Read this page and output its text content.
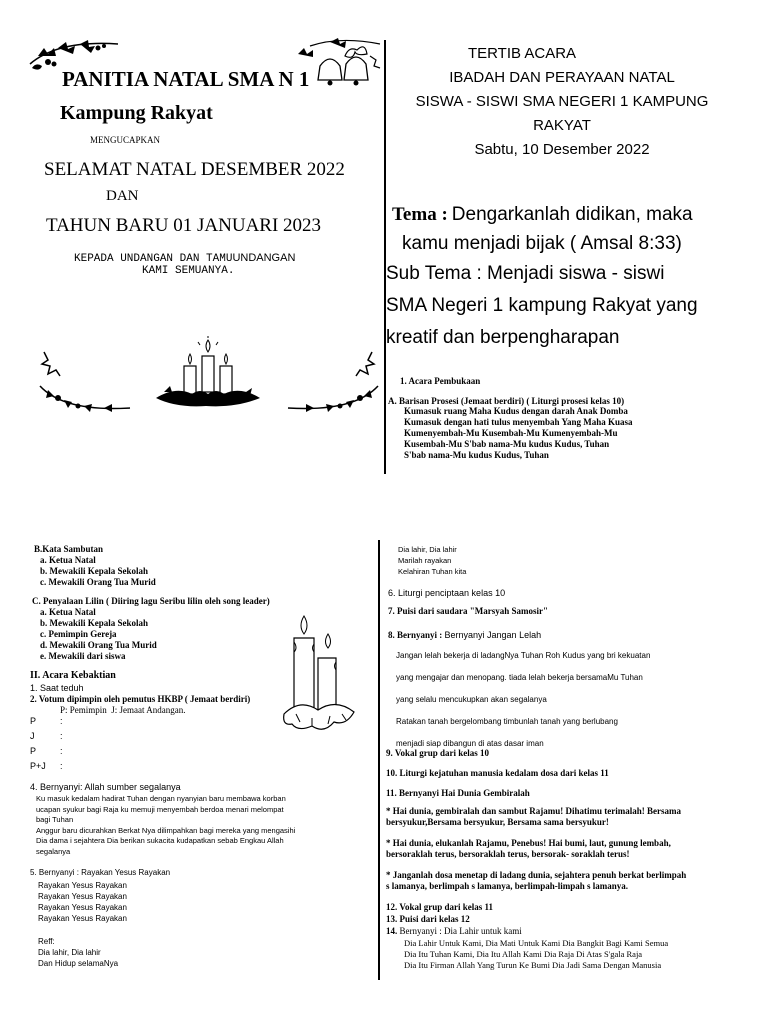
PANITIA NATAL SMA N 1
Kampung Rakyat
MENGUCAPKAN
SELAMAT NATAL DESEMBER 2022
DAN
TAHUN BARU 01 JANUARI 2023
KEPADA UNDANGAN DAN TAMUUNDANGAN
KAMI SEMUANYA.
TERTIB ACARA
IBADAH DAN PERAYAAN NATAL
SISWA - SISWI SMA NEGERI 1 KAMPUNG
RAKYAT
Sabtu, 10 Desember 2022
Tema : Dengarkanlah didikan, maka
kamu menjadi bijak ( Amsal 8:33)
Sub Tema : Menjadi siswa - siswi
SMA Negeri 1 kampung Rakyat yang
kreatif dan berpengharapan
1. Acara Pembukaan
A. Barisan Prosesi (Jemaat berdiri) ( Liturgi prosesi kelas 10)
Kumasuk ruang Maha Kudus dengan darah Anak Domba
Kumasuk dengan hati tulus menyembah Yang Maha Kuasa
Kumenyembah-Mu Kusembah-Mu Kumenyembah-Mu
Kusembah-Mu S'bab nama-Mu kudus Kudus, Tuhan
S'bab nama-Mu kudus Kudus, Tuhan
B.Kata Sambutan
a. Ketua Natal
b. Mewakili Kepala Sekolah
c. Mewakili Orang Tua Murid
C. Penyalaan Lilin ( Diiring lagu Seribu lilin oleh song leader)
a. Ketua Natal
b. Mewakili Kepala Sekolah
c. Pemimpin Gereja
d. Mewakili Orang Tua Murid
e. Mewakili dari siswa
II. Acara Kebaktian
1. Saat teduh
2. Votum dipimpin oleh pemutus HKBP ( Jemaat berdiri)
P: Pemimpin J: Jemaat Andangan.
P	:
J	:
P	:
P+J	:
4. Bernyanyi: Allah sumber segalanya
Ku masuk kedalam hadirat Tuhan dengan nyanyian baru membawa korban
ucapan syukur bagi Raja ku memuji menyembah berdoa menari melompat
bagi Tuhan
Anggur baru dicurahkan Berkat Nya dilimpahkan bagi mereka yang mengasihi
Dia dama i sejahtera Dia berikan sukacita kudapatkan sebab Engkau Allah
segalanya
5. Bernyanyi : Rayakan Yesus Rayakan
Rayakan Yesus Rayakan
Rayakan Yesus Rayakan
Rayakan Yesus Rayakan
Rayakan Yesus Rayakan
Reff:
Dia lahir, Dia lahir
Dan Hidup selamaNya
Dia lahir, Dia lahir
Marilah rayakan
Kelahiran Tuhan kita
6. Liturgi penciptaan kelas 10
7. Puisi dari saudara "Marsyah Samosir"
8. Bernyanyi : Bernyanyi Jangan Lelah
Jangan lelah bekerja di ladangNya Tuhan Roh Kudus yang bri kekuatan
yang mengajar dan menopang. tiada lelah bekerja bersamaMu Tuhan
yang selalu mencukupkan akan segalanya
Ratakan tanah bergelombang timbunlah tanah yang berlubang
menjadi siap dibangun di atas dasar iman
9. Vokal grup dari kelas 10
10. Liturgi kejatuhan manusia kedalam dosa dari kelas 11
11. Bernyanyi Hai Dunia Gembiralah
* Hai dunia, gembiralah dan sambut Rajamu! Dihatimu terimalah! Bersama
bersyukur,Bersama bersyukur, Bersama sama bersyukur!
* Hai dunia, elukanlah Rajamu, Penebus! Hai bumi, laut, gunung lembah,
bersoraklah terus, bersoraklah terus, bersorak- soraklah terus!
* Janganlah dosa menetap di ladang dunia, sejahtera penuh berkat berlimpah
s lamanya, berlimpah s lamanya, berlimpah-limpah s lamanya.
12. Vokal grup dari kelas 11
13. Puisi dari kelas 12
14. Bernyanyi : Dia Lahir untuk kami
Dia Lahir Untuk Kami, Dia Mati Untuk Kami Dia Bangkit Bagi Kami Semua
Dia Itu Tuhan Kami, Dia Itu Allah Kami Dia Raja Di Atas S'gala Raja
Dia Itu Firman Allah Yang Turun Ke Bumi Dia Jadi Sama Dengan Manusia
